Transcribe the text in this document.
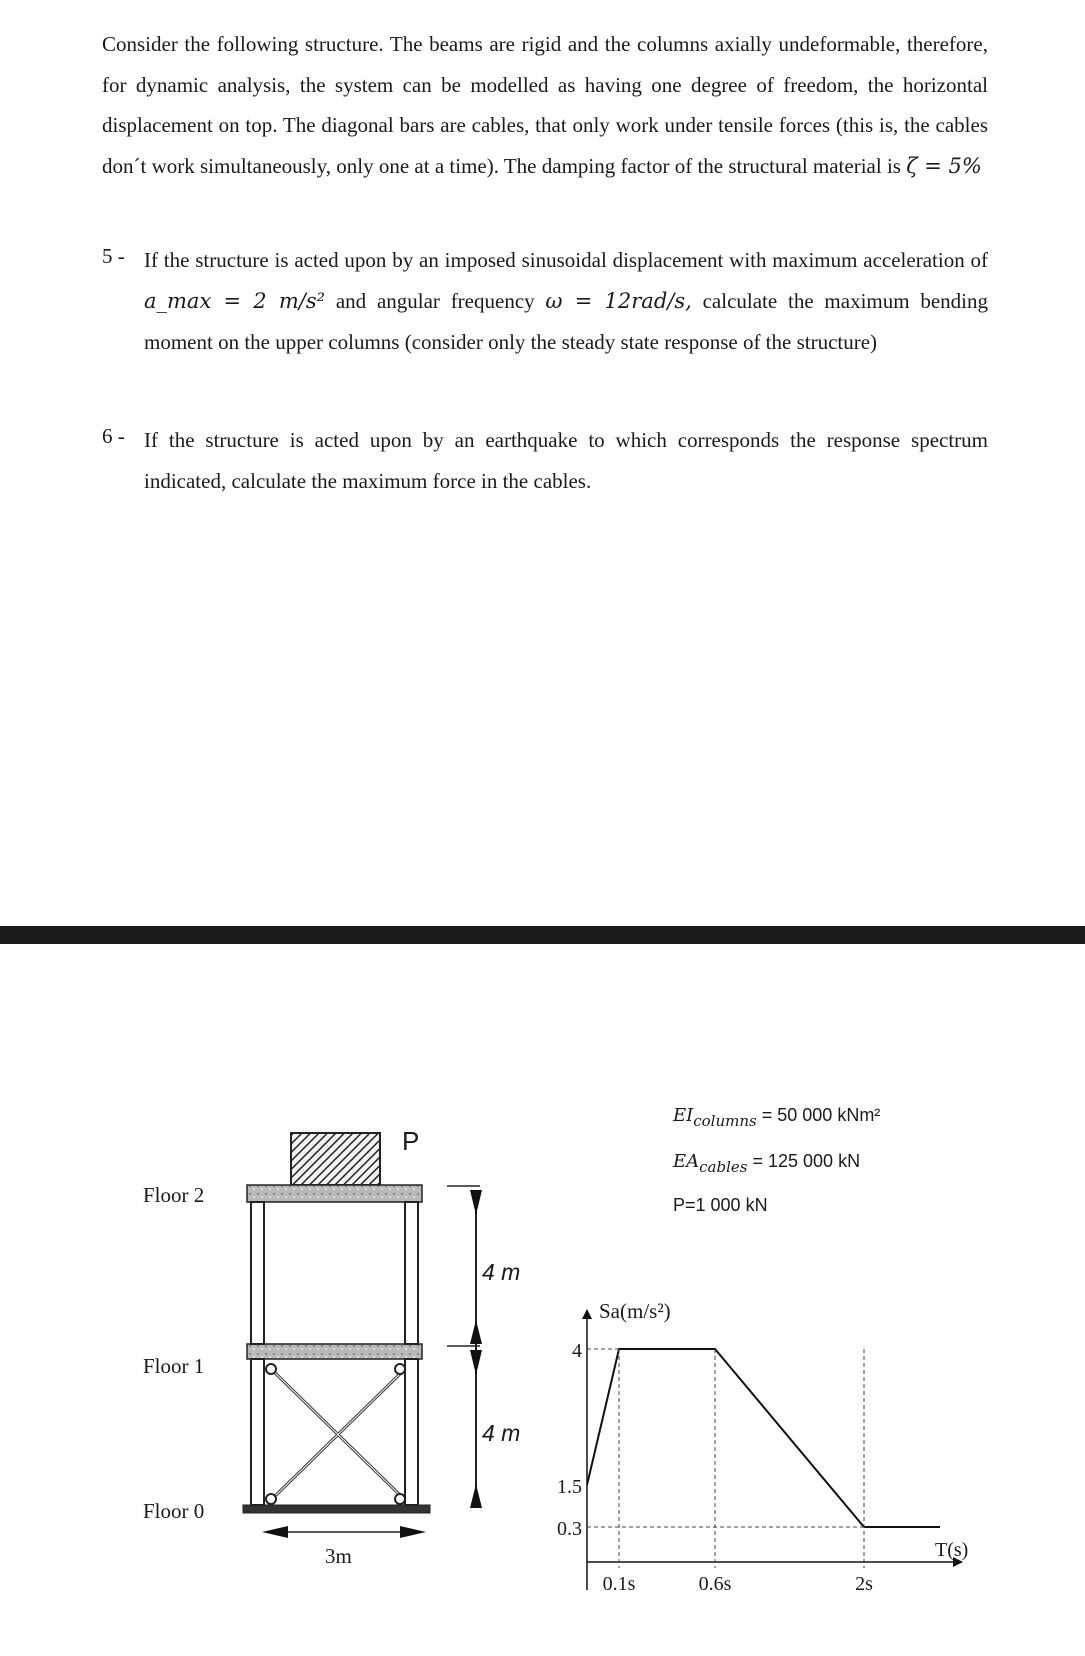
Consider the following structure. The beams are rigid and the columns axially undeformable, therefore, for dynamic analysis, the system can be modelled as having one degree of freedom, the horizontal displacement on top. The diagonal bars are cables, that only work under tensile forces (this is, the cables don´t work simultaneously, only one at a time). The damping factor of the structural material is ζ = 5%
5 - If the structure is acted upon by an imposed sinusoidal displacement with maximum acceleration of a_max = 2 m/s² and angular frequency ω = 12rad/s, calculate the maximum bending moment on the upper columns (consider only the steady state response of the structure)
6 - If the structure is acted upon by an earthquake to which corresponds the response spectrum indicated, calculate the maximum force in the cables.
Floor 2
Floor 1
Floor 0
$EI_{columns} = 50$ 000 kNm²
$EA_{cables} = 125$ 000 kN
P=1 000 kN
P
4 m
4 m
3m
Sa(m/s²)
T(s)
4
1.5
0.3
0.1s	0.6s	2s
